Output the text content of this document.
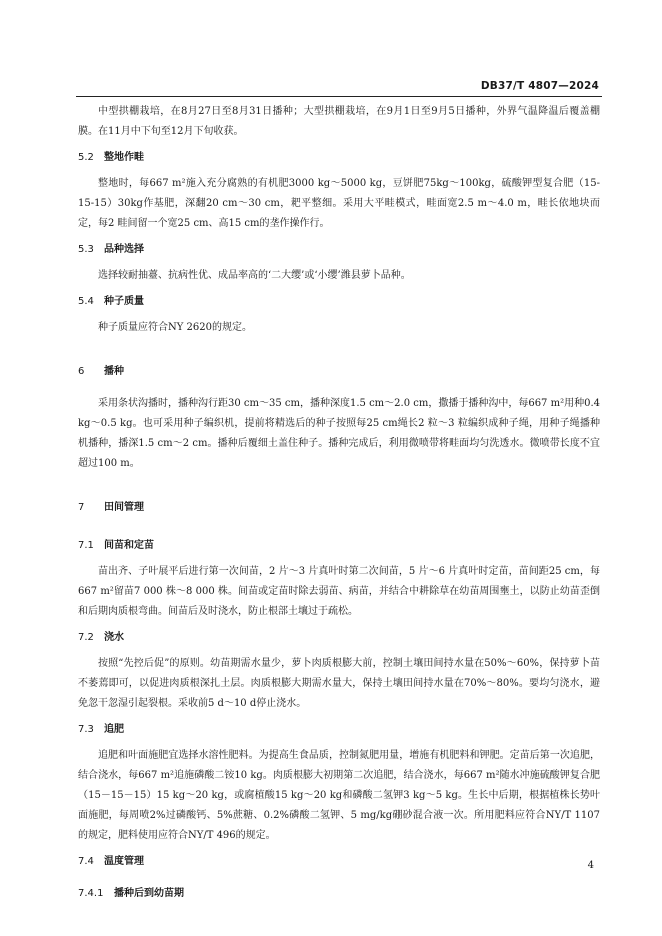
DB37/T 4807—2024

中型拱棚栽培，在8月27日至8月31日播种；大型拱棚栽培，在9月1日至9月5日播种，外界气温降温后覆盖棚膜。在11月中下旬至12月下旬收获。

5.2 整地作畦

整地时，每667 m²施入充分腐熟的有机肥3000 kg～5000 kg，豆饼肥75kg～100kg，硫酸钾型复合肥（15-15-15）30kg作基肥，深翻20 cm～30 cm，耙平整细。采用大平畦模式，畦面宽2.5 m～4.0 m，畦长依地块而定，每2 畦间留一个宽25 cm、高15 cm的垄作操作行。

5.3 品种选择

选择较耐抽薹、抗病性优、成品率高的‘二大缨’或‘小缨’潍县萝卜品种。

5.4 种子质量

种子质量应符合NY 2620的规定。

6 播种

采用条状沟播时，播种沟行距30 cm～35 cm，播种深度1.5 cm～2.0 cm，撒播于播种沟中，每667 m²用种0.4 kg～0.5 kg。也可采用种子编织机，提前将精选后的种子按照每25 cm绳长2 粒～3 粒编织成种子绳，用种子绳播种机播种，播深1.5 cm～2 cm。播种后覆细土盖住种子。播种完成后，利用微喷带将畦面均匀洗透水。微喷带长度不宜超过100 m。

7 田间管理

7.1 间苗和定苗

苗出齐、子叶展平后进行第一次间苗，2 片～3 片真叶时第二次间苗，5 片～6 片真叶时定苗，苗间距25 cm，每667 m²留苗7 000 株～8 000 株。间苗或定苗时除去弱苗、病苗，并结合中耕除草在幼苗周围壅土，以防止幼苗歪倒和后期肉质根弯曲。间苗后及时浇水，防止根部土壤过于疏松。

7.2 浇水

按照“先控后促”的原则。幼苗期需水量少，萝卜肉质根膨大前，控制土壤田间持水量在50%～60%，保持萝卜苗不萎蔫即可，以促进肉质根深扎土层。肉质根膨大期需水量大，保持土壤田间持水量在70%～80%。要均匀浇水，避免忽干忽湿引起裂根。采收前5 d～10 d停止浇水。

7.3 追肥

追肥和叶面施肥宜选择水溶性肥料。为提高生食品质，控制氮肥用量，增施有机肥料和钾肥。定苗后第一次追肥，结合浇水，每667 m²追施磷酸二铵10 kg。肉质根膨大初期第二次追肥，结合浇水，每667 m²随水冲施硫酸钾复合肥（15－15－15）15 kg～20 kg，或腐植酸15 kg～20 kg和磷酸二氢钾3 kg～5 kg。生长中后期，根据植株长势叶面施肥，每周喷2%过磷酸钙、5%蔗糖、0.2%磷酸二氢钾、5 mg/kg硼砂混合液一次。所用肥料应符合NY/T 1107的规定，肥料使用应符合NY/T 496的规定。

7.4 温度管理

7.4.1 播种后到幼苗期

4
